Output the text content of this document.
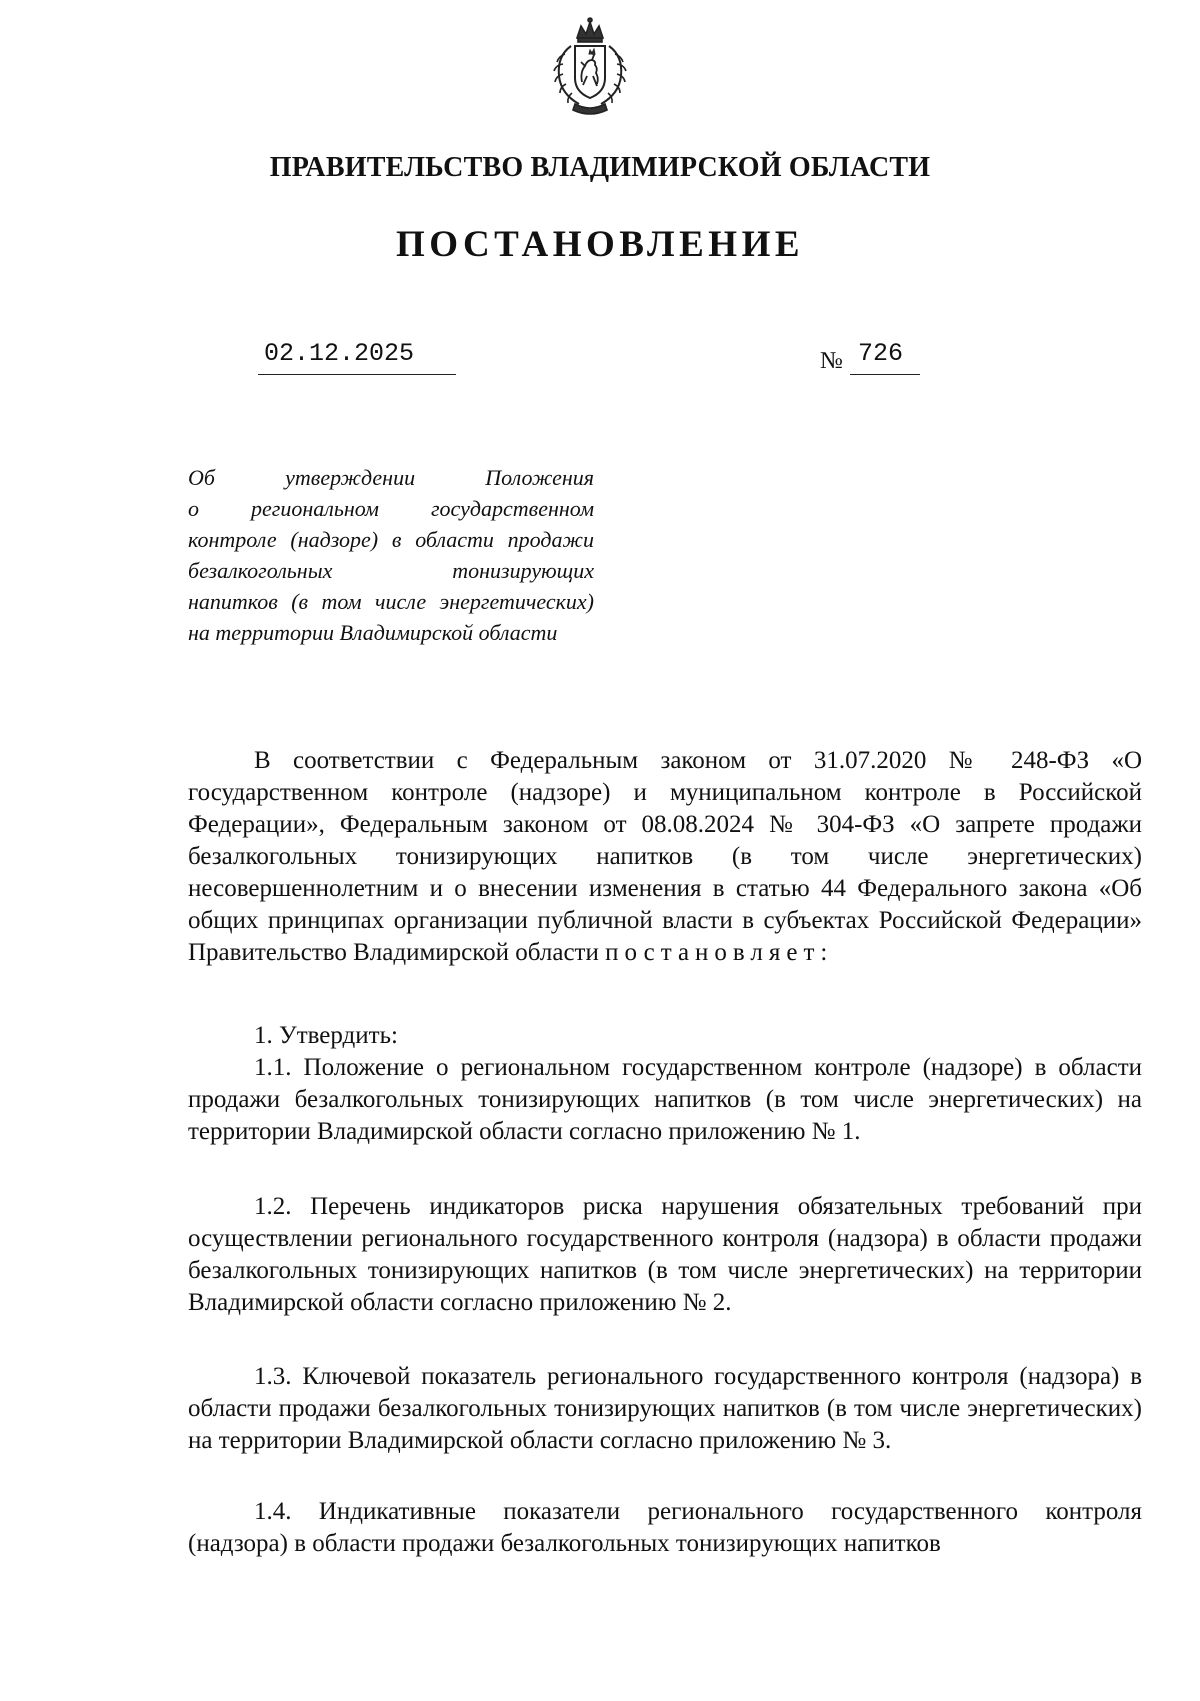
ПРАВИТЕЛЬСТВО ВЛАДИМИРСКОЙ ОБЛАСТИ
ПОСТАНОВЛЕНИЕ
02.12.2025	№ 726
Об утверждении Положения
о региональном государственном
контроле (надзоре) в области продажи
безалкогольных тонизирующих
напитков (в том числе энергетических)
на территории Владимирской области

В соответствии с Федеральным законом от 31.07.2020 № 248-ФЗ «О государственном контроле (надзоре) и муниципальном контроле в Российской Федерации», Федеральным законом от 08.08.2024 № 304-ФЗ «О запрете продажи безалкогольных тонизирующих напитков (в том числе энергетических) несовершеннолетним и о внесении изменения в статью 44 Федерального закона «Об общих принципах организации публичной власти в субъектах Российской Федерации» Правительство Владимирской области постановляет:

1. Утвердить:

1.1. Положение о региональном государственном контроле (надзоре) в области продажи безалкогольных тонизирующих напитков (в том числе энергетических) на территории Владимирской области согласно приложению № 1.

1.2. Перечень индикаторов риска нарушения обязательных требований при осуществлении регионального государственного контроля (надзора) в области продажи безалкогольных тонизирующих напитков (в том числе энергетических) на территории Владимирской области согласно приложению № 2.

1.3. Ключевой показатель регионального государственного контроля (надзора) в области продажи безалкогольных тонизирующих напитков (в том числе энергетических) на территории Владимирской области согласно приложению № 3.

1.4. Индикативные показатели регионального государственного контроля (надзора) в области продажи безалкогольных тонизирующих напитков
